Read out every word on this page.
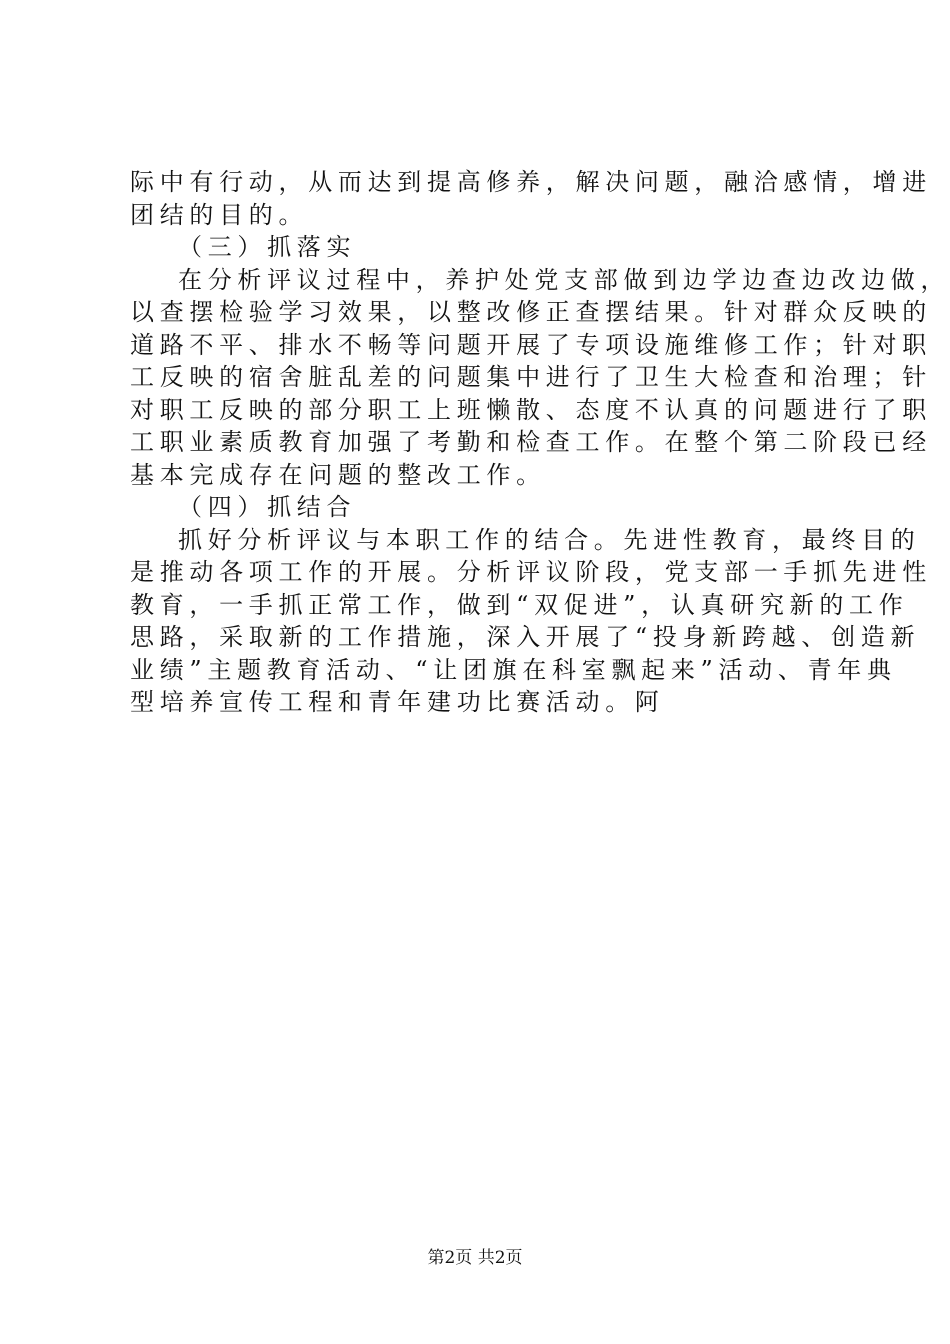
际中有行动，从而达到提高修养，解决问题，融洽感情，增进
团结的目的。
（三）抓落实
在分析评议过程中，养护处党支部做到边学边查边改边做，
以查摆检验学习效果，以整改修正查摆结果。针对群众反映的
道路不平、排水不畅等问题开展了专项设施维修工作；针对职
工反映的宿舍脏乱差的问题集中进行了卫生大检查和治理；针
对职工反映的部分职工上班懒散、态度不认真的问题进行了职
工职业素质教育加强了考勤和检查工作。在整个第二阶段已经
基本完成存在问题的整改工作。
（四）抓结合
抓好分析评议与本职工作的结合。先进性教育，最终目的
是推动各项工作的开展。分析评议阶段，党支部一手抓先进性
教育，一手抓正常工作，做到“双促进”，认真研究新的工作
思路，采取新的工作措施，深入开展了“投身新跨越、创造新
业绩”主题教育活动、“让团旗在科室飘起来”活动、青年典
型培养宣传工程和青年建功比赛活动。阿
第2页 共2页
